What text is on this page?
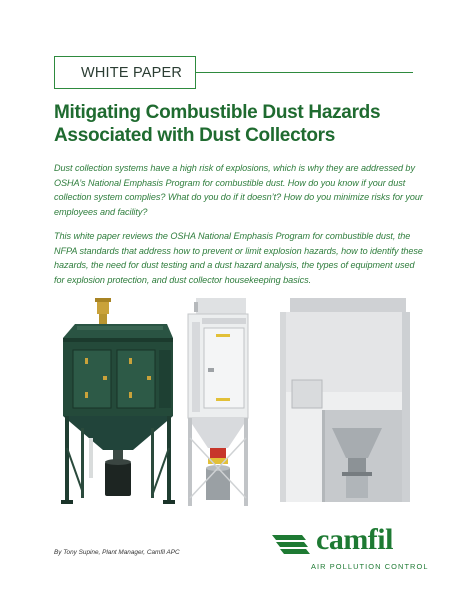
WHITE PAPER
Mitigating Combustible Dust Hazards
Associated with Dust Collectors

Dust collection systems have a high risk of explosions, which is why they are addressed by OSHA’s National Emphasis Program for combustible dust. How do you know if your dust collection system complies? What do you do if it doesn’t? How do you minimize risks for your employees and facility?

This white paper reviews the OSHA National Emphasis Program for combustible dust, the NFPA standards that address how to prevent or limit explosion hazards, how to identify these hazards, the need for dust testing and a dust hazard analysis, the types of equipment used for explosion protection, and dust collector housekeeping basics.

By Tony Supine, Plant Manager, Camfil APC	camfil
AIR POLLUTION CONTROL
